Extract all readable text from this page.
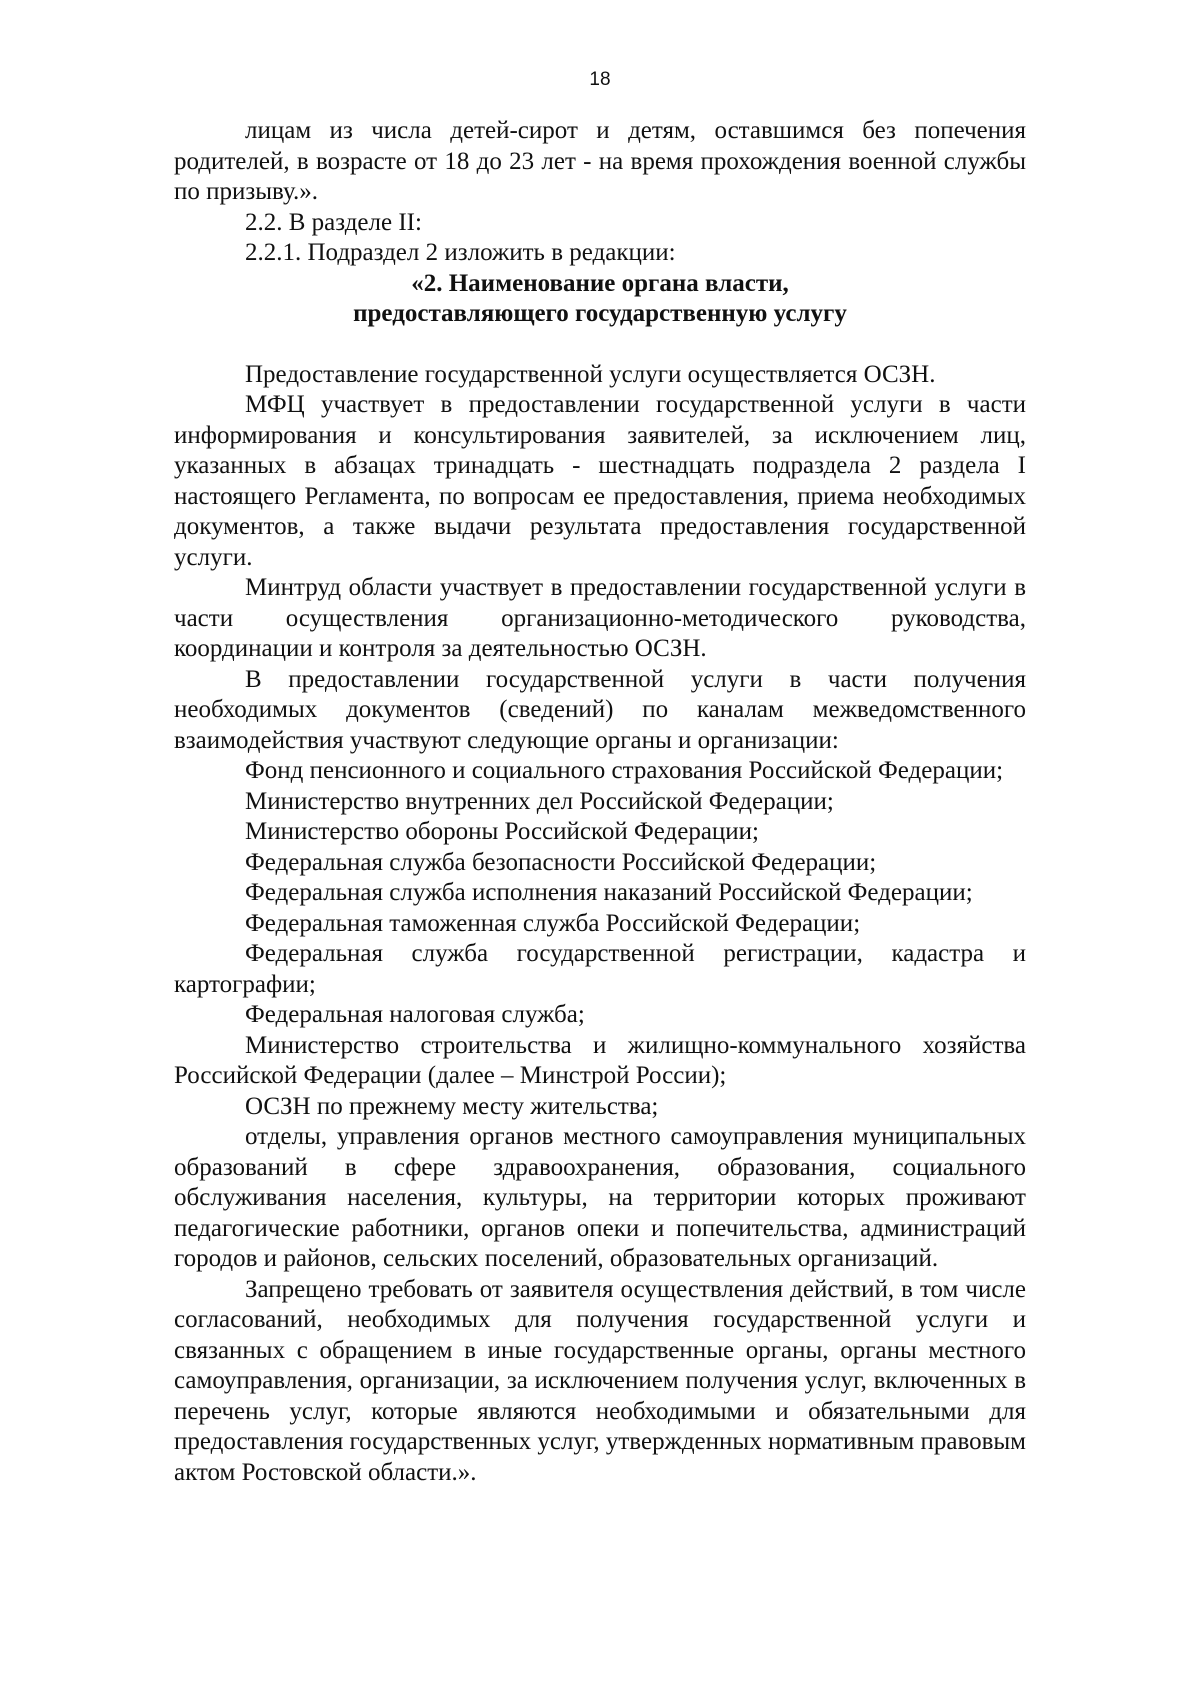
18

лицам из числа детей-сирот и детям, оставшимся без попечения родителей, в возрасте от 18 до 23 лет - на время прохождения военной службы по призыву.».

2.2. В разделе II:

2.2.1. Подраздел 2 изложить в редакции:

«2. Наименование органа власти,

предоставляющего государственную услугу

Предоставление государственной услуги осуществляется ОСЗН.

МФЦ участвует в предоставлении государственной услуги в части информирования и консультирования заявителей, за исключением лиц, указанных в абзацах тринадцать - шестнадцать подраздела 2 раздела I настоящего Регламента, по вопросам ее предоставления, приема необходимых документов, а также выдачи результата предоставления государственной услуги.

Минтруд области участвует в предоставлении государственной услуги в части осуществления организационно-методического руководства, координации и контроля за деятельностью ОСЗН.

В предоставлении государственной услуги в части получения необходимых документов (сведений) по каналам межведомственного взаимодействия участвуют следующие органы и организации:

Фонд пенсионного и социального страхования Российской Федерации;

Министерство внутренних дел Российской Федерации;

Министерство обороны Российской Федерации;

Федеральная служба безопасности Российской Федерации;

Федеральная служба исполнения наказаний Российской Федерации;

Федеральная таможенная служба Российской Федерации;

Федеральная служба государственной регистрации, кадастра и картографии;

Федеральная налоговая служба;

Министерство строительства и жилищно-коммунального хозяйства Российской Федерации (далее – Минстрой России);

ОСЗН по прежнему месту жительства;

отделы, управления органов местного самоуправления муниципальных образований в сфере здравоохранения, образования, социального обслуживания населения, культуры, на территории которых проживают педагогические работники, органов опеки и попечительства, администраций городов и районов, сельских поселений, образовательных организаций.

Запрещено требовать от заявителя осуществления действий, в том числе согласований, необходимых для получения государственной услуги и связанных с обращением в иные государственные органы, органы местного самоуправления, организации, за исключением получения услуг, включенных в перечень услуг, которые являются необходимыми и обязательными для предоставления государственных услуг, утвержденных нормативным правовым актом Ростовской области.».
